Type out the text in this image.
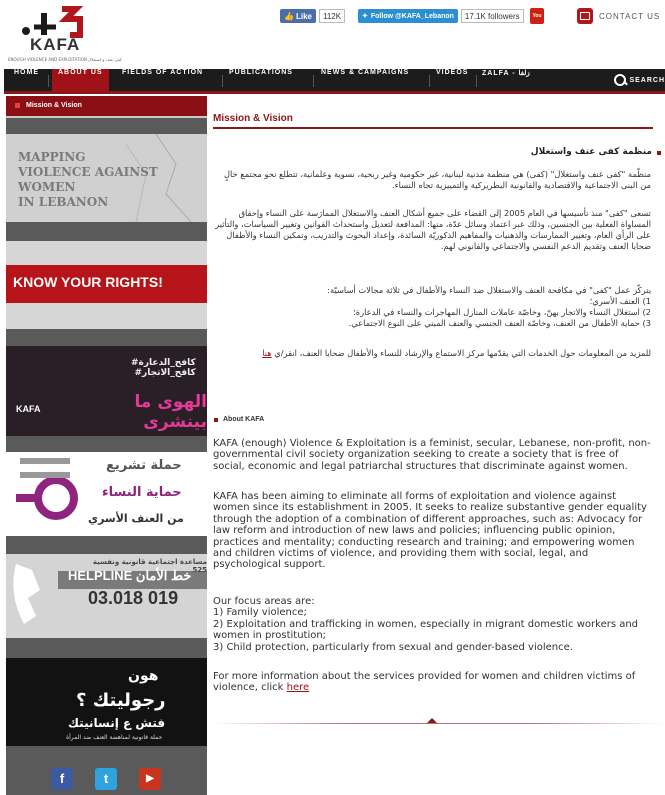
KAFA
ENOUGH VIOLENCE AND EXPLOITATION كفى عنف و استغلال
👍 Like	112K	✦ Follow @KAFA_Lebanon	17.1K followers	You Tube
CONTACT US
HOME	ABOUT US	FIELDS OF ACTION	PUBLICATIONS	NEWS & CAMPAIGNS	VIDEOS ZALFA - زلفا
SEARCH
Mission & Vision
MAPPING
VIOLENCE AGAINST
WOMEN
IN LEBANON
KNOW YOUR RIGHTS!
#كافح_الدعارة
#كافح_الاتجار
الهوى ما بينشرى
KAFA
حملة تشريع
حماية النساء
من العنف الأسري
مساعدة اجتماعية قانونية ونفسية 525
HELPLINE خط الأمان
03.018 019
هون
رجوليتك ؟
فتش ع إنسانيتك
حملة قانونية لمناهضة العنف ضد المرأة
f	t	▶
Mission & Vision
منظمة كفى عنف واستغلال

منظّمة "كفى عنف واستغلال" (كفى) هي منظمة مدنية لبنانية، غير حكومية وغير ربحية، نسوية وعلمانية، تتطلع نحو مجتمع خالٍ من البنى الاجتماعية والاقتصادية والقانونية البطريركية والتمييزية تجاه النساء.

تسعى "كفى" منذ تأسيسها في العام 2005 إلى القضاء على جميع أشكال العنف والاستغلال الممارَسة على النساء وإحقاق المساواة الفعلية بين الجنسين، وذلك عبر اعتماد وسائل عدّة، منها: المدافعة لتعديل واستحداث القوانين وتغيير السياسات، والتأثير على الرأي العام، وتغيير الممارسات والذهنيات والمفاهيم الذكوريّة السائدة، وإعداد البحوث والتدريب، وتمكين النساء والأطفال ضحايا العنف وتقديم الدعم النفسي والاجتماعي والقانوني لهم.

يتركّز عمل "كفى" في مكافحة العنف والاستغلال ضد النساء والأطفال في ثلاثة مجالات أساسيّة:
1) العنف الأسري؛
2) استغلال النساء والاتجار بهنّ، وخاصّة عاملات المنازل المهاجرات والنساء في الدعارة؛
3) حماية الأطفال من العنف، وخاصّة العنف الجنسي والعنف المبني على النوع الاجتماعي.

للمزيد من المعلومات حول الخدمات التي يقدّمها مركز الاستماع والإرشاد للنساء والأطفال ضحايا العنف، انقر/ي هنا

About KAFA

KAFA (enough) Violence & Exploitation is a feminist, secular, Lebanese, non-profit, non-governmental civil society organization seeking to create a society that is free of social, economic and legal patriarchal structures that discriminate against women.

KAFA has been aiming to eliminate all forms of exploitation and violence against women since its establishment in 2005. It seeks to realize substantive gender equality through the adoption of a combination of different approaches, such as: Advocacy for law reform and introduction of new laws and policies; influencing public opinion, practices and mentality; conducting research and training; and empowering women and children victims of violence, and providing them with social, legal, and psychological support.

Our focus areas are:
1) Family violence;
2) Exploitation and trafficking in women, especially in migrant domestic workers and women in prostitution;
3) Child protection, particularly from sexual and gender-based violence.

For more information about the services provided for women and children victims of violence, click here
